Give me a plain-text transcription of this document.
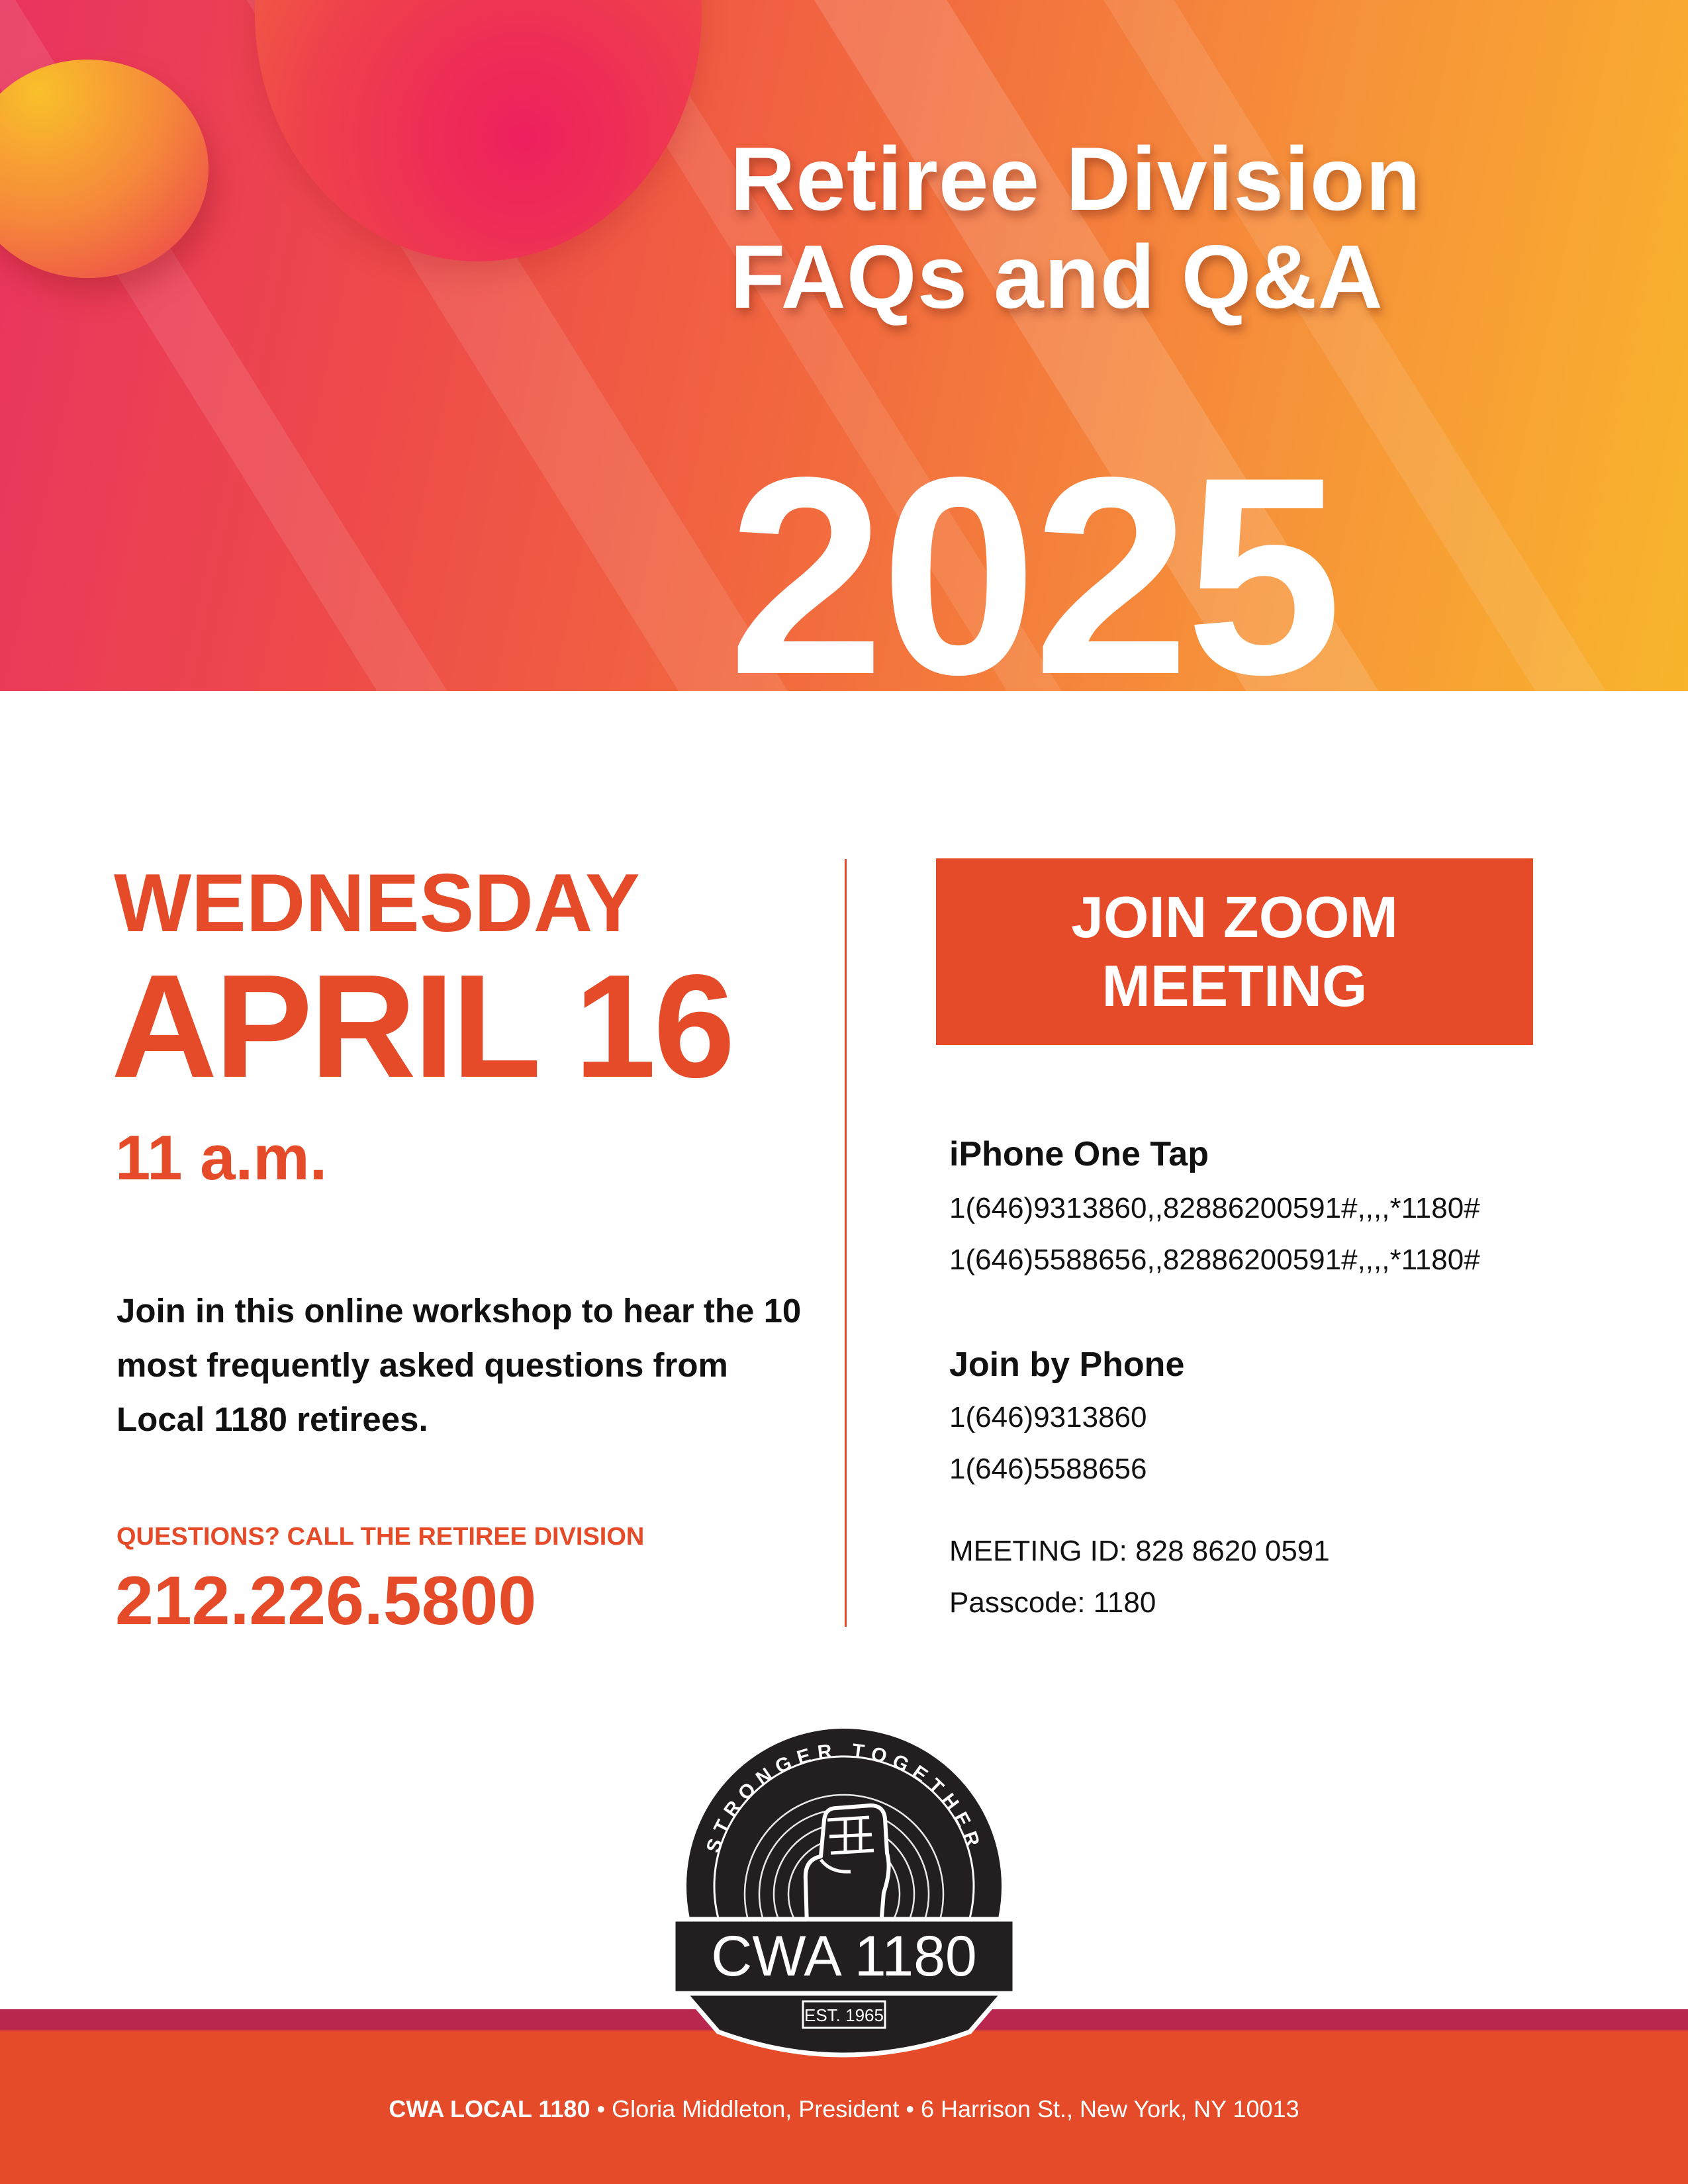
Retiree Division
FAQs and Q&A
2025
WEDNESDAY
APRIL 16
11 a.m.
Join in this online workshop to hear the 10 most frequently asked questions from Local 1180 retirees.
QUESTIONS? CALL THE RETIREE DIVISION
212.226.5800
JOIN ZOOM MEETING
iPhone One Tap
1(646)9313860,,82886200591#,,,,*1180#
1(646)5588656,,82886200591#,,,,*1180#
Join by Phone
1(646)9313860
1(646)5588656
MEETING ID: 828 8620 0591
Passcode: 1180
STRONGER TOGETHER
CWA 1180
EST. 1965
CWA LOCAL 1180 • Gloria Middleton, President • 6 Harrison St., New York, NY 10013
